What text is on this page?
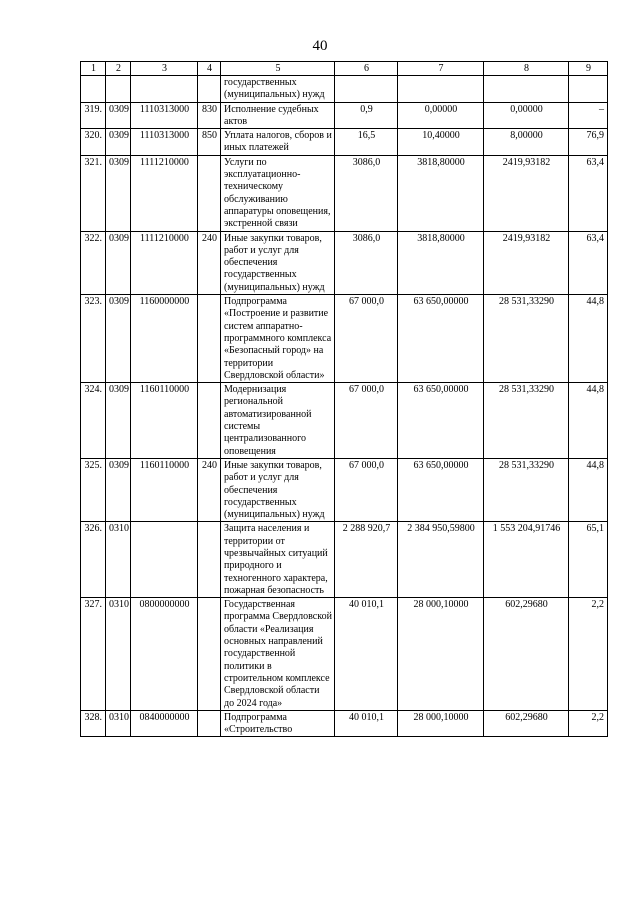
40
1	2	3	4	5	6	7	8	9
				государственных (муниципальных) нужд				
319.	0309	1110313000	830	Исполнение судебных актов	0,9	0,00000	0,00000	–
320.	0309	1110313000	850	Уплата налогов, сборов и иных платежей	16,5	10,40000	8,00000	76,9
321.	0309	1111210000		Услуги по эксплуатационно-техническому обслуживанию аппаратуры оповещения, экстренной связи	3086,0	3818,80000	2419,93182	63,4
322.	0309	1111210000	240	Иные закупки товаров, работ и услуг для обеспечения государственных (муниципальных) нужд	3086,0	3818,80000	2419,93182	63,4
323.	0309	1160000000		Подпрограмма «Построение и развитие систем аппаратно-программного комплекса «Безопасный город» на территории Свердловской области»	67 000,0	63 650,00000	28 531,33290	44,8
324.	0309	1160110000		Модернизация региональной автоматизированной системы централизованного оповещения	67 000,0	63 650,00000	28 531,33290	44,8
325.	0309	1160110000	240	Иные закупки товаров, работ и услуг для обеспечения государственных (муниципальных) нужд	67 000,0	63 650,00000	28 531,33290	44,8
326.	0310			Защита населения и территории от чрезвычайных ситуаций природного и техногенного характера, пожарная безопасность	2 288 920,7	2 384 950,59800	1 553 204,91746	65,1
327.	0310	0800000000		Государственная программа Свердловской области «Реализация основных направлений государственной политики в строительном комплексе Свердловской области до 2024 года»	40 010,1	28 000,10000	602,29680	2,2
328.	0310	0840000000		Подпрограмма «Строительство	40 010,1	28 000,10000	602,29680	2,2
